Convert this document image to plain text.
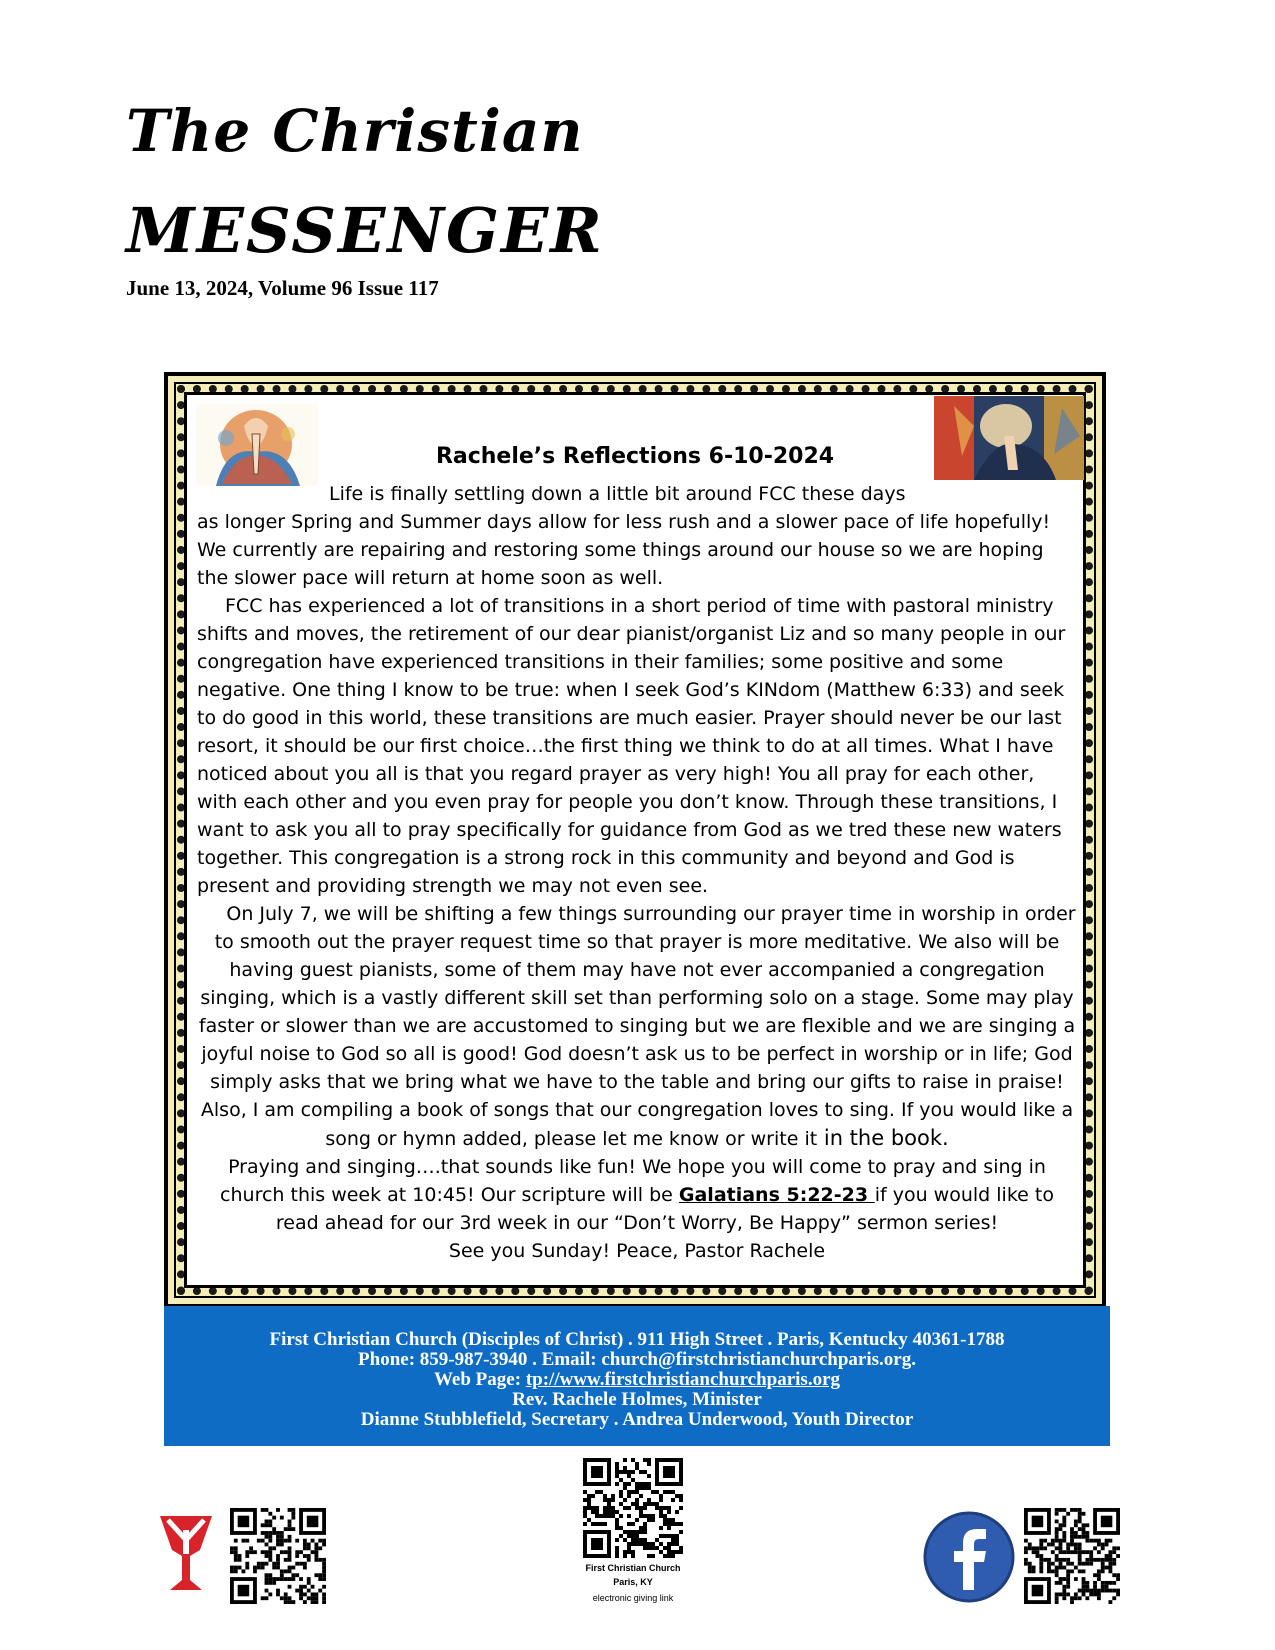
The Christian
MESSENGER
June 13, 2024, Volume 96 Issue 117
Rachele’s Reflections 6-10-2024

Life is finally settling down a little bit around FCC these days

as longer Spring and Summer days allow for less rush and a slower pace of life hopefully! We currently are repairing and restoring some things around our house so we are hoping the slower pace will return at home soon as well.

FCC has experienced a lot of transitions in a short period of time with pastoral ministry shifts and moves, the retirement of our dear pianist/organist Liz and so many people in our congregation have experienced transitions in their families; some positive and some negative. One thing I know to be true: when I seek God’s KINdom (Matthew 6:33) and seek to do good in this world, these transitions are much easier. Prayer should never be our last resort, it should be our first choice…the first thing we think to do at all times. What I have noticed about you all is that you regard prayer as very high! You all pray for each other, with each other and you even pray for people you don’t know. Through these transitions, I want to ask you all to pray specifically for guidance from God as we tred these new waters together. This congregation is a strong rock in this community and beyond and God is present and providing strength we may not even see.

On July 7, we will be shifting a few things surrounding our prayer time in worship in order to smooth out the prayer request time so that prayer is more meditative. We also will be having guest pianists, some of them may have not ever accompanied a congregation singing, which is a vastly different skill set than performing solo on a stage. Some may play faster or slower than we are accustomed to singing but we are flexible and we are singing a joyful noise to God so all is good! God doesn’t ask us to be perfect in worship or in life; God simply asks that we bring what we have to the table and bring our gifts to raise in praise! Also, I am compiling a book of songs that our congregation loves to sing. If you would like a song or hymn added, please let me know or write it in the book.

Praying and singing….that sounds like fun! We hope you will come to pray and sing in church this week at 10:45! Our scripture will be Galatians 5:22-23 if you would like to read ahead for our 3rd week in our “Don’t Worry, Be Happy” sermon series!

See you Sunday! Peace, Pastor Rachele

First Christian Church (Disciples of Christ) . 911 High Street . Paris, Kentucky 40361-1788
Phone: 859-987-3940 . Email: church@firstchristianchurchparis.org.
Web Page: tp://www.firstchristianchurchparis.org
Rev. Rachele Holmes, Minister
Dianne Stubblefield, Secretary . Andrea Underwood, Youth Director
First Christian Church
Paris, KY
electronic giving link
